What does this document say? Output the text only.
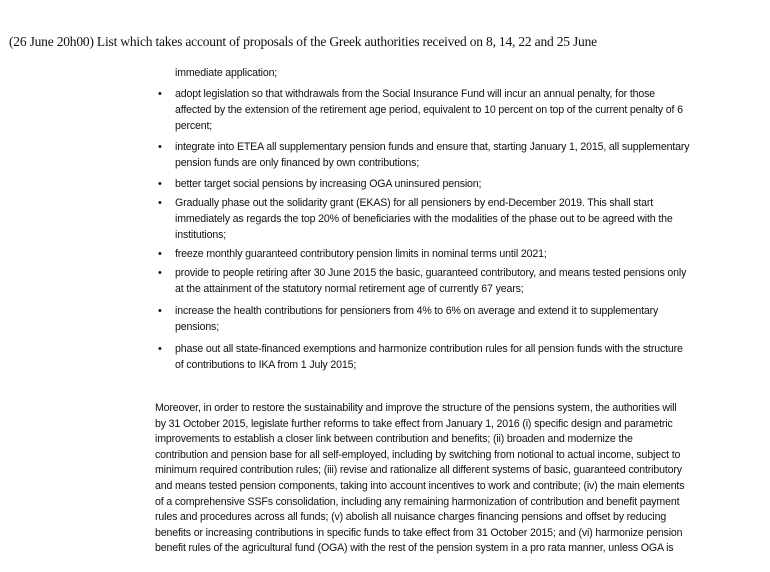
(26 June 20h00) List which takes account of proposals of the Greek authorities received on 8, 14, 22 and 25 June
immediate application;
• adopt legislation so that withdrawals from the Social Insurance Fund will incur an annual penalty, for those
affected by the extension of the retirement age period, equivalent to 10 percent on top of the current penalty of 6
percent;
• integrate into ETEA all supplementary pension funds and ensure that, starting January 1, 2015, all supplementary
pension funds are only financed by own contributions;
• better target social pensions by increasing OGA uninsured pension;
• Gradually phase out the solidarity grant (EKAS) for all pensioners by end-December 2019. This shall start
immediately as regards the top 20% of beneficiaries with the modalities of the phase out to be agreed with the
institutions;
• freeze monthly guaranteed contributory pension limits in nominal terms until 2021;
• provide to people retiring after 30 June 2015 the basic, guaranteed contributory, and means tested pensions only
at the attainment of the statutory normal retirement age of currently 67 years;
• increase the health contributions for pensioners from 4% to 6% on average and extend it to supplementary
pensions;
• phase out all state-financed exemptions and harmonize contribution rules for all pension funds with the structure
of contributions to IKA from 1 July 2015;
Moreover, in order to restore the sustainability and improve the structure of the pensions system, the authorities will
by 31 October 2015, legislate further reforms to take effect from January 1, 2016 (i) specific design and parametric
improvements to establish a closer link between contribution and benefits; (ii) broaden and modernize the
contribution and pension base for all self-employed, including by switching from notional to actual income, subject to
minimum required contribution rules; (iii) revise and rationalize all different systems of basic, guaranteed contributory
and means tested pension components, taking into account incentives to work and contribute; (iv) the main elements
of a comprehensive SSFs consolidation, including any remaining harmonization of contribution and benefit payment
rules and procedures across all funds; (v) abolish all nuisance charges financing pensions and offset by reducing
benefits or increasing contributions in specific funds to take effect from 31 October 2015; and (vi) harmonize pension
benefit rules of the agricultural fund (OGA) with the rest of the pension system in a pro rata manner, unless OGA is
